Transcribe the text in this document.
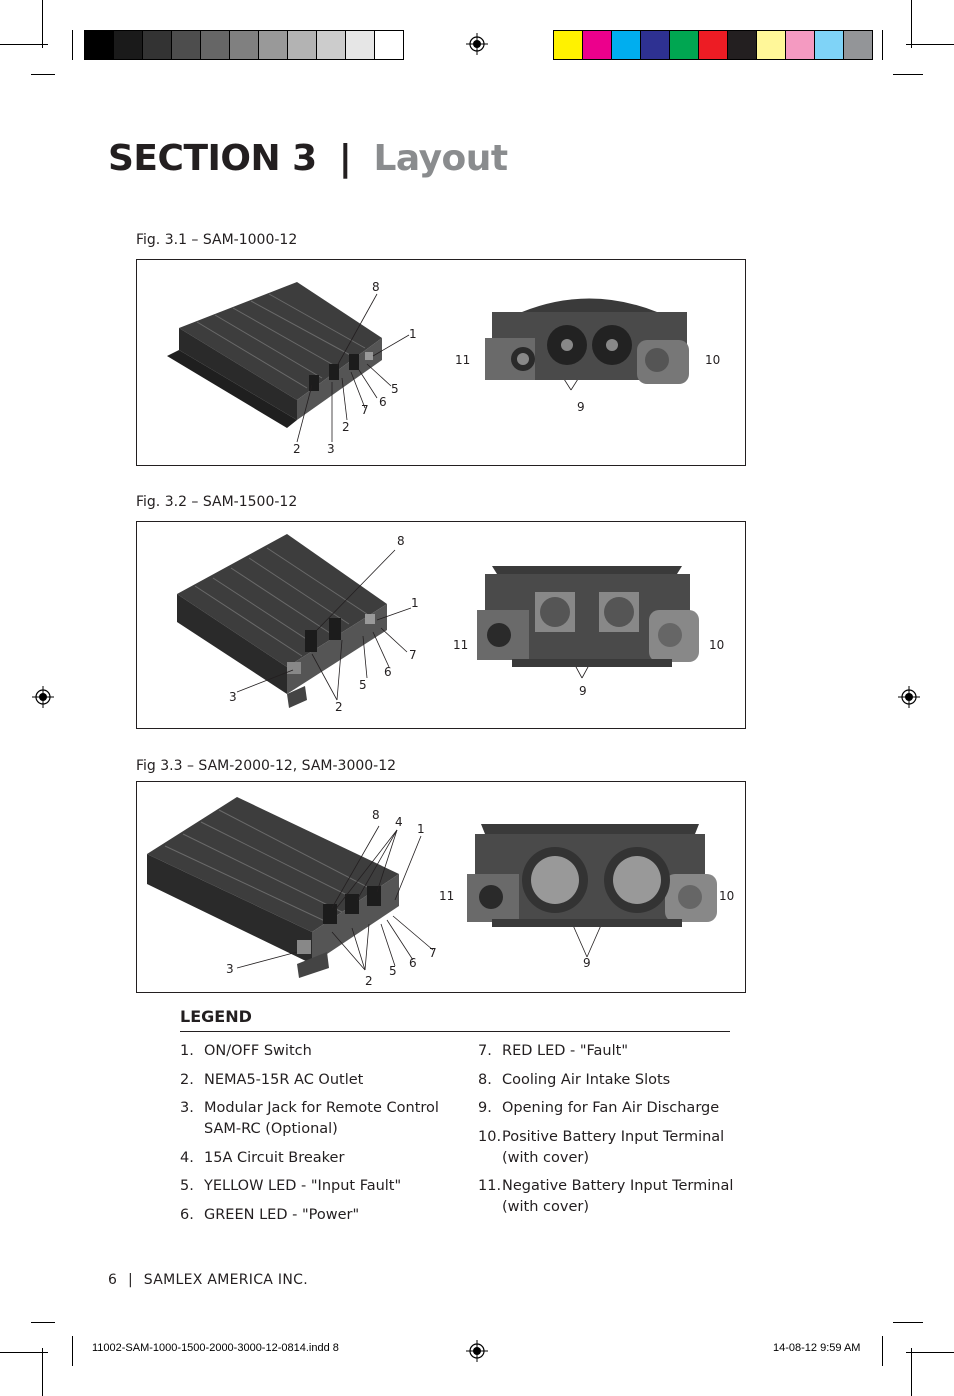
SECTION 3 | Layout
Fig. 3.1 – SAM-1000-12
8
1
5
6
7
2
2 3
11	10
9
Fig. 3.2 – SAM-1500-12
8
1
7
6
5
3
2
11	10
9
Fig 3.3 – SAM-2000-12, SAM-3000-12
8 4 1
7
6
5
3
2
11	10
9
LEGEND
1. ON/OFF Switch
2. NEMA5-15R AC Outlet
3. Modular Jack for Remote Control SAM-RC (Optional)
4. 15A Circuit Breaker
5. YELLOW LED - "Input Fault"
6. GREEN LED - "Power"
7. RED LED - "Fault"
8. Cooling Air Intake Slots
9. Opening for Fan Air Discharge
10. Positive Battery Input Terminal (with cover)
11. Negative Battery Input Terminal (with cover)
6 | SAMLEX AMERICA INC.
11002-SAM-1000-1500-2000-3000-12-0814.indd 8	14-08-12 9:59 AM
